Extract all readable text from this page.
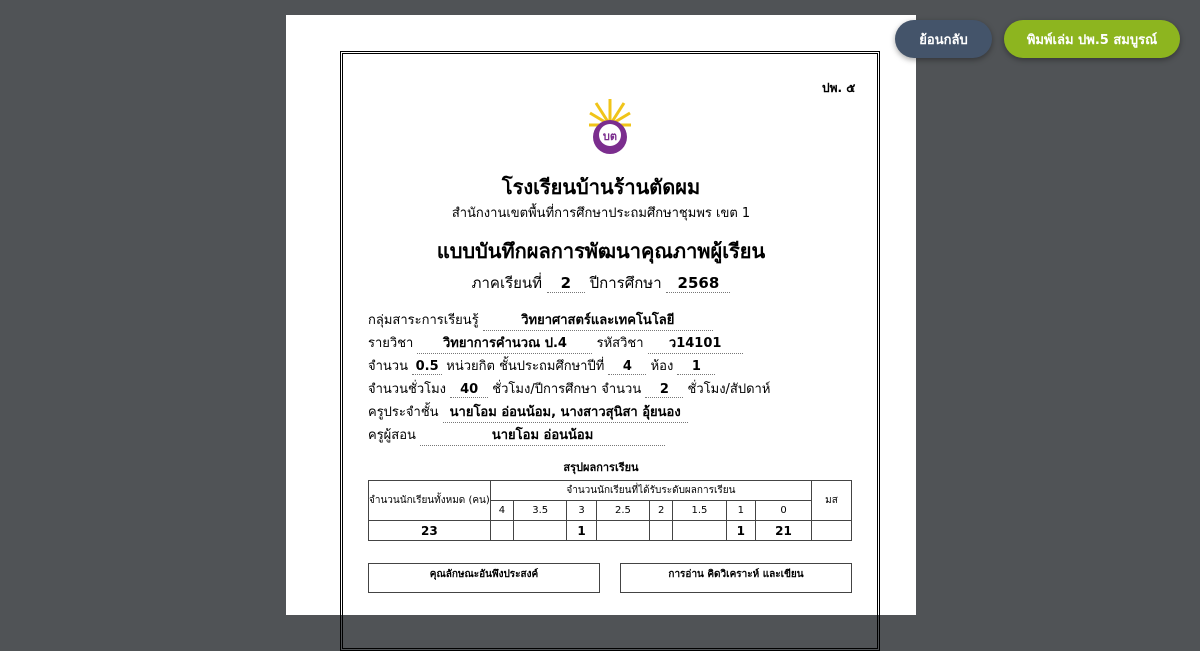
ปพ. ๕
บต
โรงเรียนบ้านร้านตัดผม
สำนักงานเขตพื้นที่การศึกษาประถมศึกษาชุมพร เขต 1
แบบบันทึกผลการพัฒนาคุณภาพผู้เรียน
ภาคเรียนที่ 2 ปีการศึกษา 2568
กลุ่มสาระการเรียนรู้	วิทยาศาสตร์และเทคโนโลยี
รายวิชา วิทยาการคำนวณ ป.4 รหัสวิชา ว14101
จำนวน 0.5 หน่วยกิต ชั้นประถมศึกษาปีที่ 4 ห้อง 1
จำนวนชั่วโมง 40 ชั่วโมง/ปีการศึกษา จำนวน 2 ชั่วโมง/สัปดาห์
ครูประจำชั้น นายโอม อ่อนน้อม, นางสาวสุนิสา อุ้ยนอง
ครูผู้สอน	นายโอม อ่อนน้อม
สรุปผลการเรียน
จำนวนนักเรียนทั้งหมด (คน)	จำนวนนักเรียนที่ได้รับระดับผลการเรียน								มส
	4	3.5	3	2.5	2	1.5	1	0	
23			1				1	21	
คุณลักษณะอันพึงประสงค์	การอ่าน คิดวิเคราะห์ และเขียน
ย้อนกลับ	พิมพ์เล่ม ปพ.5 สมบูรณ์
